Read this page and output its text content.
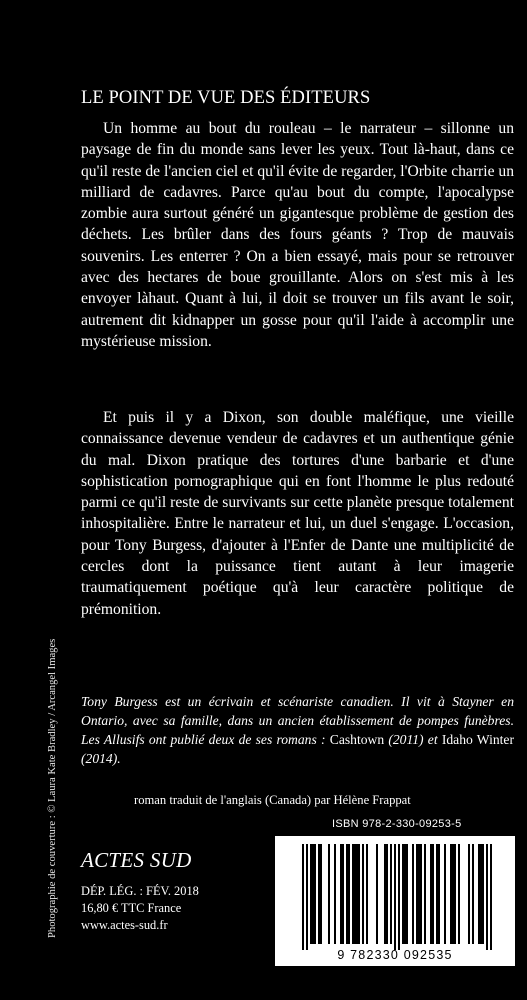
LE POINT DE VUE DES ÉDITEURS

Un homme au bout du rouleau – le narrateur – sillonne un paysage de fin du monde sans lever les yeux. Tout là-haut, dans ce qu'il reste de l'ancien ciel et qu'il évite de regarder, l'Orbite charrie un milliard de cadavres. Parce qu'au bout du compte, l'apocalypse zombie aura surtout généré un gigantesque problème de gestion des déchets. Les brûler dans des fours géants ? Trop de mauvais souvenirs. Les enterrer ? On a bien essayé, mais pour se retrouver avec des hectares de boue grouillante. Alors on s'est mis à les envoyer làhaut. Quant à lui, il doit se trouver un fils avant le soir, autrement dit kidnapper un gosse pour qu'il l'aide à accomplir une mystérieuse mission.

Et puis il y a Dixon, son double maléfique, une vieille connaissance devenue vendeur de cadavres et un authentique génie du mal. Dixon pratique des tortures d'une barbarie et d'une sophistication pornographique qui en font l'homme le plus redouté parmi ce qu'il reste de survivants sur cette planète presque totalement inhospitalière. Entre le narrateur et lui, un duel s'engage. L'occasion, pour Tony Burgess, d'ajouter à l'Enfer de Dante une multiplicité de cercles dont la puissance tient autant à leur imagerie traumatiquement poétique qu'à leur caractère politique de prémonition.

Tony Burgess est un écrivain et scénariste canadien. Il vit à Stayner en Ontario, avec sa famille, dans un ancien établissement de pompes funèbres. Les Allusifs ont publié deux de ses romans : Cashtown (2011) et Idaho Winter (2014).

roman traduit de l'anglais (Canada) par Hélène Frappat
ISBN 978-2-330-09253-5
9 782330 092535
ACTES SUD
DÉP. LÉG. : FÉV. 2018
16,80 € TTC France
www.actes-sud.fr
Photographie de couverture : © Laura Kate Bradley / Arcangel Images
